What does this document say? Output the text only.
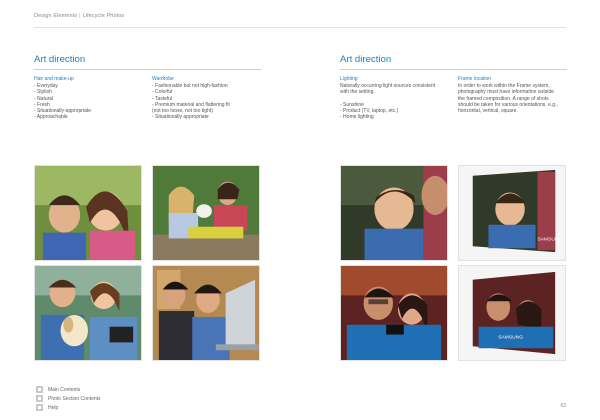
Design Elements | Lifecycle Photos
Art direction	Art direction
Hair and make-up
- Everyday
- Stylish
- Natural
- Fresh
- Situationally-appropriate
- Approachable
Wardrobe
- Fashionable but not high-fashion
- Colorful
- Tasteful
- Premium material and flattering fit
(not too loose, not too tight)
- Situationally appropriate
Lighting
Naturally occurring light sources consistent
with the setting.
- Sunshine
- Product (TV, laptop, etc.)
- Home lighting
Frame location
In order to work within the Frame system,
photography must have information outside
the framed composition. A range of shots
should be taken for various orientations, e.g.,
horizontal, vertical, square.
SAMSUNG
SAMSUNG
Main Contents
Photo Section Contents
Help	63
